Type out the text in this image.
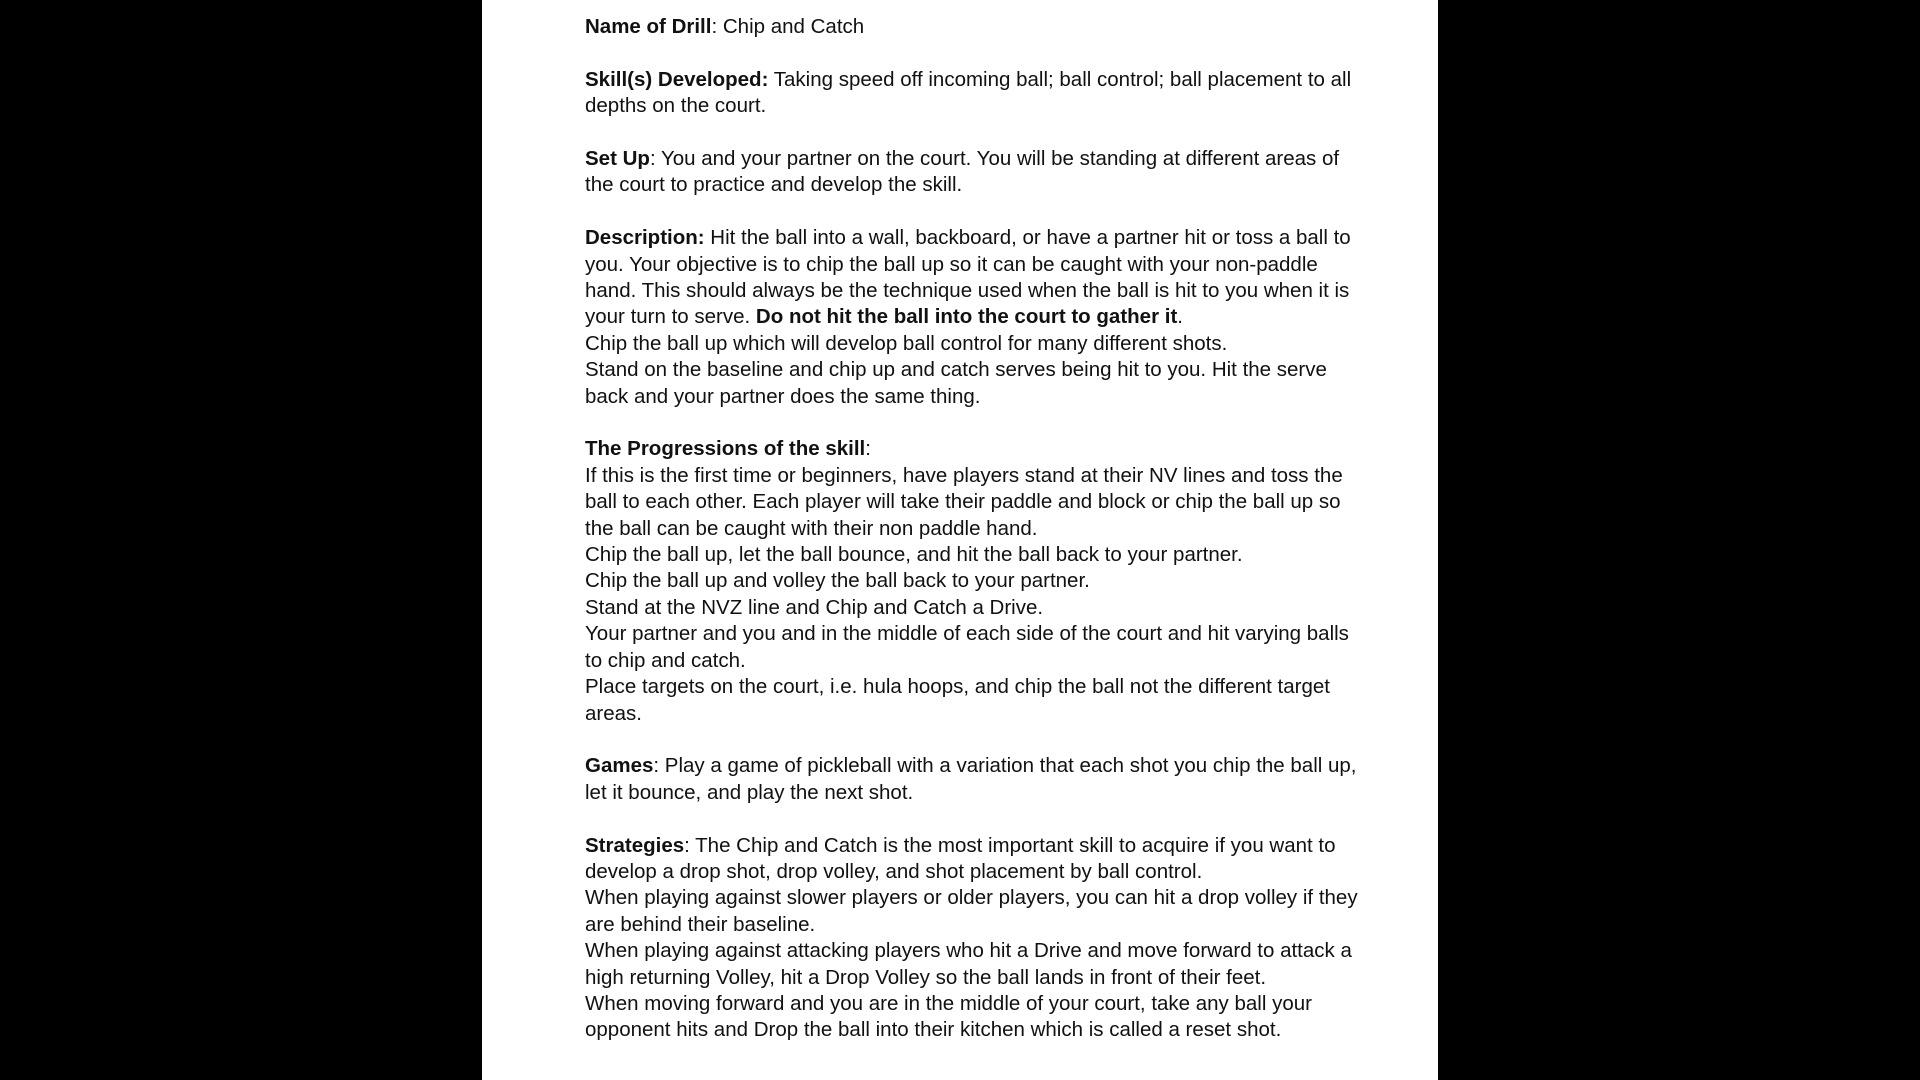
Name of Drill: Chip and Catch
Skill(s) Developed: Taking speed off incoming ball; ball control; ball placement to all depths on the court.
Set Up: You and your partner on the court. You will be standing at different areas of the court to practice and develop the skill.
Description: Hit the ball into a wall, backboard, or have a partner hit or toss a ball to you. Your objective is to chip the ball up so it can be caught with your non-paddle hand. This should always be the technique used when the ball is hit to you when it is your turn to serve. Do not hit the ball into the court to gather it.
Chip the ball up which will develop ball control for many different shots.
Stand on the baseline and chip up and catch serves being hit to you. Hit the serve back and your partner does the same thing.
The Progressions of the skill:
If this is the first time or beginners, have players stand at their NV lines and toss the ball to each other. Each player will take their paddle and block or chip the ball up so the ball can be caught with their non paddle hand.
Chip the ball up, let the ball bounce, and hit the ball back to your partner.
Chip the ball up and volley the ball back to your partner.
Stand at the NVZ line and Chip and Catch a Drive.
Your partner and you and in the middle of each side of the court and hit varying balls to chip and catch.
Place targets on the court, i.e. hula hoops, and chip the ball not the different target areas.
Games: Play a game of pickleball with a variation that each shot you chip the ball up, let it bounce, and play the next shot.
Strategies: The Chip and Catch is the most important skill to acquire if you want to develop a drop shot, drop volley, and shot placement by ball control.
When playing against slower players or older players, you can hit a drop volley if they are behind their baseline.
When playing against attacking players who hit a Drive and move forward to attack a high returning Volley, hit a Drop Volley so the ball lands in front of their feet.
When moving forward and you are in the middle of your court, take any ball your opponent hits and Drop the ball into their kitchen which is called a reset shot.
